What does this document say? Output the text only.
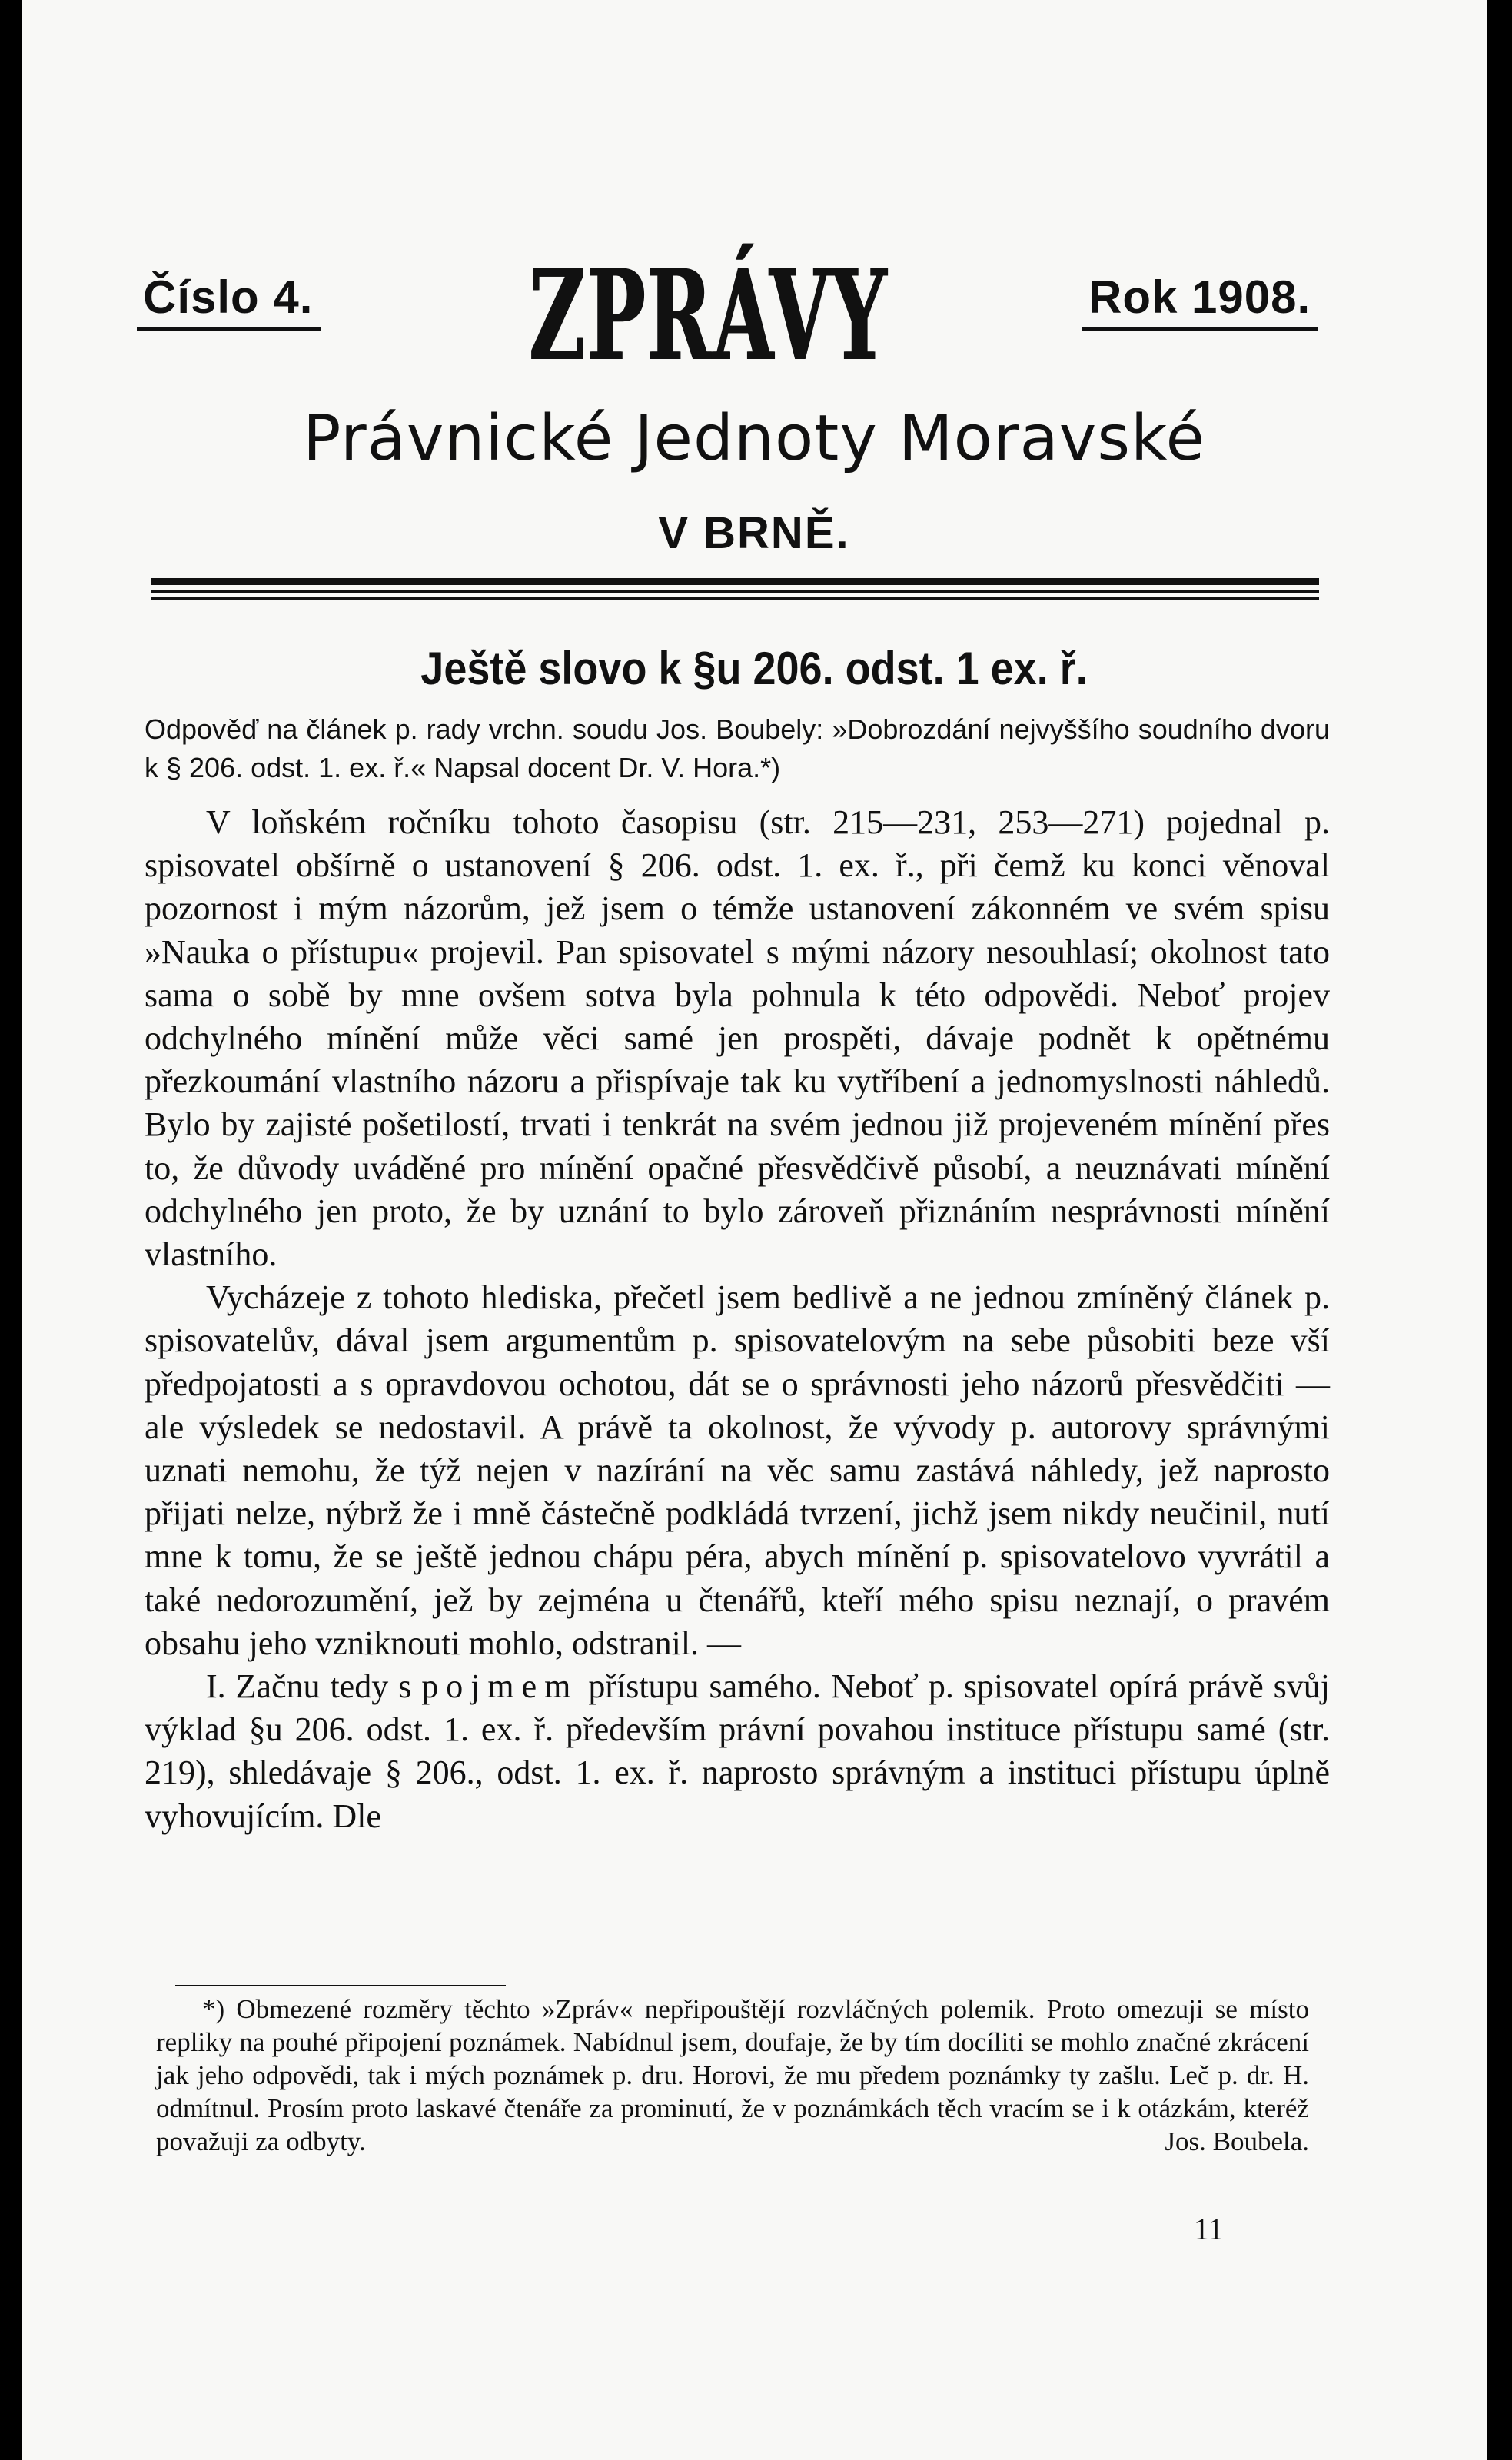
Číslo 4. ZPRÁVY	Rok 1908.
Právnické Jednoty Moravské
V BRNĚ.
Ještě slovo k §u 206. odst. 1 ex. ř.
Odpověď na článek p. rady vrchn. soudu Jos. Boubely: »Dobrozdání nejvyššího soudního dvoru k § 206. odst. 1. ex. ř.« Napsal docent Dr. V. Hora.*)

V loňském ročníku tohoto časopisu (str. 215—231, 253—271) pojednal p. spisovatel obšírně o ustanovení § 206. odst. 1. ex. ř., při čemž ku konci věnoval pozornost i mým názorům, jež jsem o témže ustanovení zákonném ve svém spisu »Nauka o přístupu« projevil. Pan spisovatel s mými názory nesouhlasí; okolnost tato sama o sobě by mne ovšem sotva byla pohnula k této odpovědi. Neboť projev odchylného mínění může věci samé jen prospěti, dávaje podnět k opětnému přezkoumání vlastního názoru a přispívaje tak ku vytříbení a jednomyslnosti náhledů. Bylo by zajisté pošetilostí, trvati i tenkrát na svém jednou již projeveném mínění přes to, že důvody uváděné pro mínění opačné přesvědčivě působí, a neuznávati mínění odchylného jen proto, že by uznání to bylo zároveň přiznáním nesprávnosti mínění vlastního.

Vycházeje z tohoto hlediska, přečetl jsem bedlivě a ne jednou zmíněný článek p. spisovatelův, dával jsem argumentům p. spisovatelovým na sebe působiti beze vší předpojatosti a s opravdovou ochotou, dát se o správnosti jeho názorů přesvědčiti — ale výsledek se nedostavil. A právě ta okolnost, že vývody p. autorovy správnými uznati nemohu, že týž nejen v nazírání na věc samu zastává náhledy, jež naprosto přijati nelze, nýbrž že i mně částečně podkládá tvrzení, jichž jsem nikdy neučinil, nutí mne k tomu, že se ještě jednou chápu péra, abych mínění p. spisovatelovo vyvrátil a také nedorozumění, jež by zejména u čtenářů, kteří mého spisu neznají, o pravém obsahu jeho vzniknouti mohlo, odstranil. —

I. Začnu tedy s pojmem přístupu samého. Neboť p. spisovatel opírá právě svůj výklad §u 206. odst. 1. ex. ř. především právní povahou instituce přístupu samé (str. 219), shledávaje § 206., odst. 1. ex. ř. naprosto správným a instituci přístupu úplně vyhovujícím. Dle

*) Obmezené rozměry těchto »Zpráv« nepřipouštějí rozvláčných polemik. Proto omezuji se místo repliky na pouhé připojení poznámek. Nabídnul jsem, doufaje, že by tím docíliti se mohlo značné zkrácení jak jeho odpovědi, tak i mých poznámek p. dru. Horovi, že mu předem poznámky ty zašlu. Leč p. dr. H. odmítnul. Prosím proto laskavé čtenáře za prominutí, že v poznámkách těch vracím se i k otázkám, kteréž považuji za odbyty.	Jos. Boubela.

11
